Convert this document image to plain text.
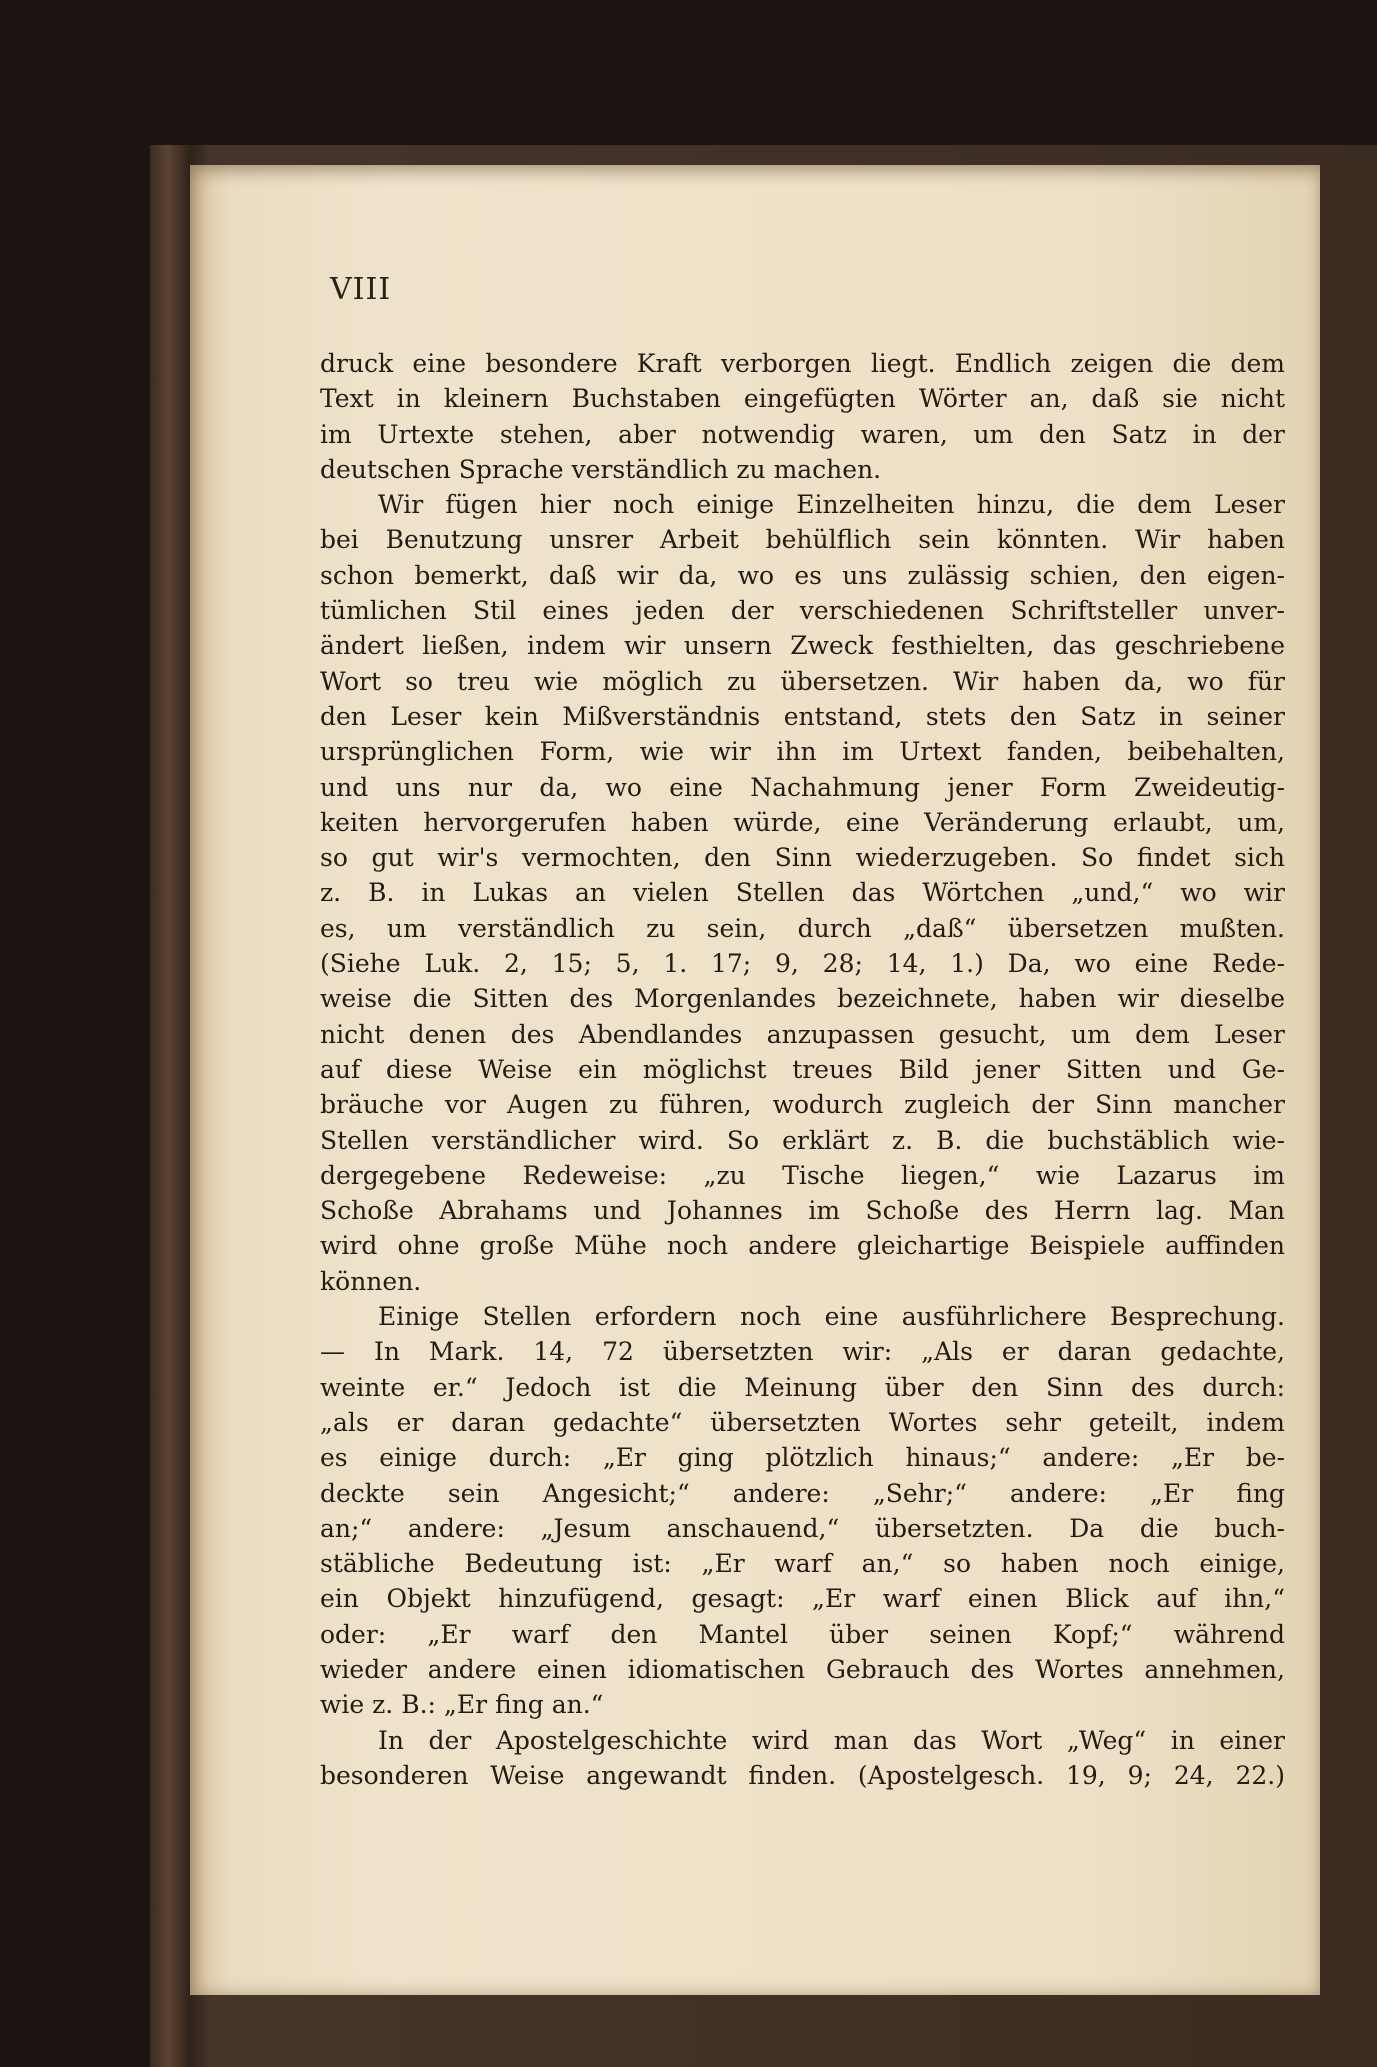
VIII
druck eine besondere Kraft verborgen liegt. Endlich zeigen die dem
Text in kleinern Buchstaben eingefügten Wörter an, daß sie nicht
im Urtexte stehen, aber notwendig waren, um den Satz in der
deutschen Sprache verständlich zu machen.
Wir fügen hier noch einige Einzelheiten hinzu, die dem Leser
bei Benutzung unsrer Arbeit behülflich sein könnten. Wir haben
schon bemerkt, daß wir da, wo es uns zulässig schien, den eigen-
tümlichen Stil eines jeden der verschiedenen Schriftsteller unver-
ändert ließen, indem wir unsern Zweck festhielten, das geschriebene
Wort so treu wie möglich zu übersetzen. Wir haben da, wo für
den Leser kein Mißverständnis entstand, stets den Satz in seiner
ursprünglichen Form, wie wir ihn im Urtext fanden, beibehalten,
und uns nur da, wo eine Nachahmung jener Form Zweideutig-
keiten hervorgerufen haben würde, eine Veränderung erlaubt, um,
so gut wir's vermochten, den Sinn wiederzugeben. So findet sich
z. B. in Lukas an vielen Stellen das Wörtchen „und,“ wo wir
es, um verständlich zu sein, durch „daß“ übersetzen mußten.
(Siehe Luk. 2, 15; 5, 1. 17; 9, 28; 14, 1.) Da, wo eine Rede-
weise die Sitten des Morgenlandes bezeichnete, haben wir dieselbe
nicht denen des Abendlandes anzupassen gesucht, um dem Leser
auf diese Weise ein möglichst treues Bild jener Sitten und Ge-
bräuche vor Augen zu führen, wodurch zugleich der Sinn mancher
Stellen verständlicher wird. So erklärt z. B. die buchstäblich wie-
dergegebene Redeweise: „zu Tische liegen,“ wie Lazarus im
Schoße Abrahams und Johannes im Schoße des Herrn lag. Man
wird ohne große Mühe noch andere gleichartige Beispiele auffinden
können.
Einige Stellen erfordern noch eine ausführlichere Besprechung.
— In Mark. 14, 72 übersetzten wir: „Als er daran gedachte,
weinte er.“ Jedoch ist die Meinung über den Sinn des durch:
„als er daran gedachte“ übersetzten Wortes sehr geteilt, indem
es einige durch: „Er ging plötzlich hinaus;“ andere: „Er be-
deckte sein Angesicht;“ andere: „Sehr;“ andere: „Er fing
an;“ andere: „Jesum anschauend,“ übersetzten. Da die buch-
stäbliche Bedeutung ist: „Er warf an,“ so haben noch einige,
ein Objekt hinzufügend, gesagt: „Er warf einen Blick auf ihn,“
oder: „Er warf den Mantel über seinen Kopf;“ während
wieder andere einen idiomatischen Gebrauch des Wortes annehmen,
wie z. B.: „Er fing an.“
In der Apostelgeschichte wird man das Wort „Weg“ in einer
besonderen Weise angewandt finden. (Apostelgesch. 19, 9; 24, 22.)
